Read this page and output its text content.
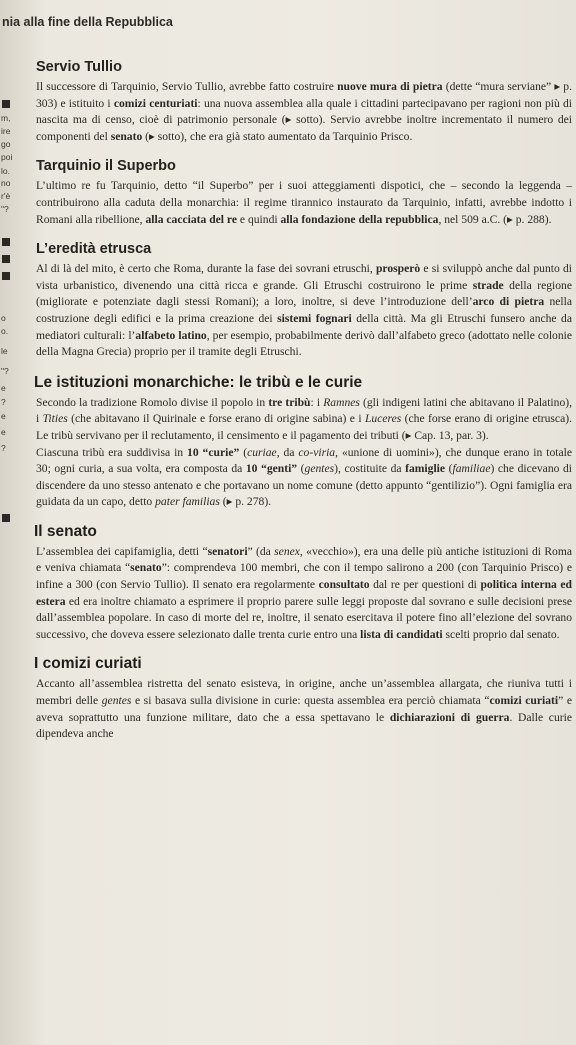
nia alla fine della Repubblica
m,
ire
go
poi
lo.
no
r'è
"?
o
o.
le
"?
e
?
e
e
?
Servio Tullio

Il successore di Tarquinio, Servio Tullio, avrebbe fatto costruire nuove mura di pietra (dette “mura serviane” ▸ p. 303) e istituito i comizi centuriati: una nuova assemblea alla quale i cittadini partecipavano per ragioni non più di nascita ma di censo, cioè di patrimonio personale (▸ sotto). Servio avrebbe inoltre incrementato il numero dei componenti del senato (▸ sotto), che era già stato aumentato da Tarquinio Prisco.

Tarquinio il Superbo

L’ultimo re fu Tarquinio, detto “il Superbo” per i suoi atteggiamenti dispotici, che – secondo la leggenda – contribuirono alla caduta della monarchia: il regime tirannico instaurato da Tarquinio, infatti, avrebbe indotto i Romani alla ribellione, alla cacciata del re e quindi alla fondazione della repubblica, nel 509 a.C. (▸ p. 288).

L’eredità etrusca

Al di là del mito, è certo che Roma, durante la fase dei sovrani etruschi, prosperò e si sviluppò anche dal punto di vista urbanistico, divenendo una città ricca e grande. Gli Etruschi costruirono le prime strade della regione (migliorate e potenziate dagli stessi Romani); a loro, inoltre, si deve l’introduzione dell’arco di pietra nella costruzione degli edifici e la prima creazione dei sistemi fognari della città. Ma gli Etruschi funsero anche da mediatori culturali: l’alfabeto latino, per esempio, probabilmente derivò dall’alfabeto greco (adottato nelle colonie della Magna Grecia) proprio per il tramite degli Etruschi.

Le istituzioni monarchiche: le tribù e le curie

Secondo la tradizione Romolo divise il popolo in tre tribù: i Ramnes (gli indigeni latini che abitavano il Palatino), i Tities (che abitavano il Quirinale e forse erano di origine sabina) e i Luceres (che forse erano di origine etrusca). Le tribù servivano per il reclutamento, il censimento e il pagamento dei tributi (▸ Cap. 13, par. 3).

Ciascuna tribù era suddivisa in 10 “curie” (curiae, da co-viria, «unione di uomini»), che dunque erano in totale 30; ogni curia, a sua volta, era composta da 10 “genti” (gentes), costituite da famiglie (familiae) che dicevano di discendere da uno stesso antenato e che portavano un nome comune (detto appunto “gentilizio”). Ogni famiglia era guidata da un capo, detto pater familias (▸ p. 278).

Il senato

L’assemblea dei capifamiglia, detti “senatori” (da senex, «vecchio»), era una delle più antiche istituzioni di Roma e veniva chiamata “senato”: comprendeva 100 membri, che con il tempo salirono a 200 (con Tarquinio Prisco) e infine a 300 (con Servio Tullio). Il senato era regolarmente consultato dal re per questioni di politica interna ed estera ed era inoltre chiamato a esprimere il proprio parere sulle leggi proposte dal sovrano e sulle decisioni prese dall’assemblea popolare. In caso di morte del re, inoltre, il senato esercitava il potere fino all’elezione del sovrano successivo, che doveva essere selezionato dalle trenta curie entro una lista di candidati scelti proprio dal senato.

I comizi curiati

Accanto all’assemblea ristretta del senato esisteva, in origine, anche un’assemblea allargata, che riuniva tutti i membri delle gentes e si basava sulla divisione in curie: questa assemblea era perciò chiamata “comizi curiati” e aveva soprattutto una funzione militare, dato che a essa spettavano le dichiarazioni di guerra. Dalle curie dipendeva anche
